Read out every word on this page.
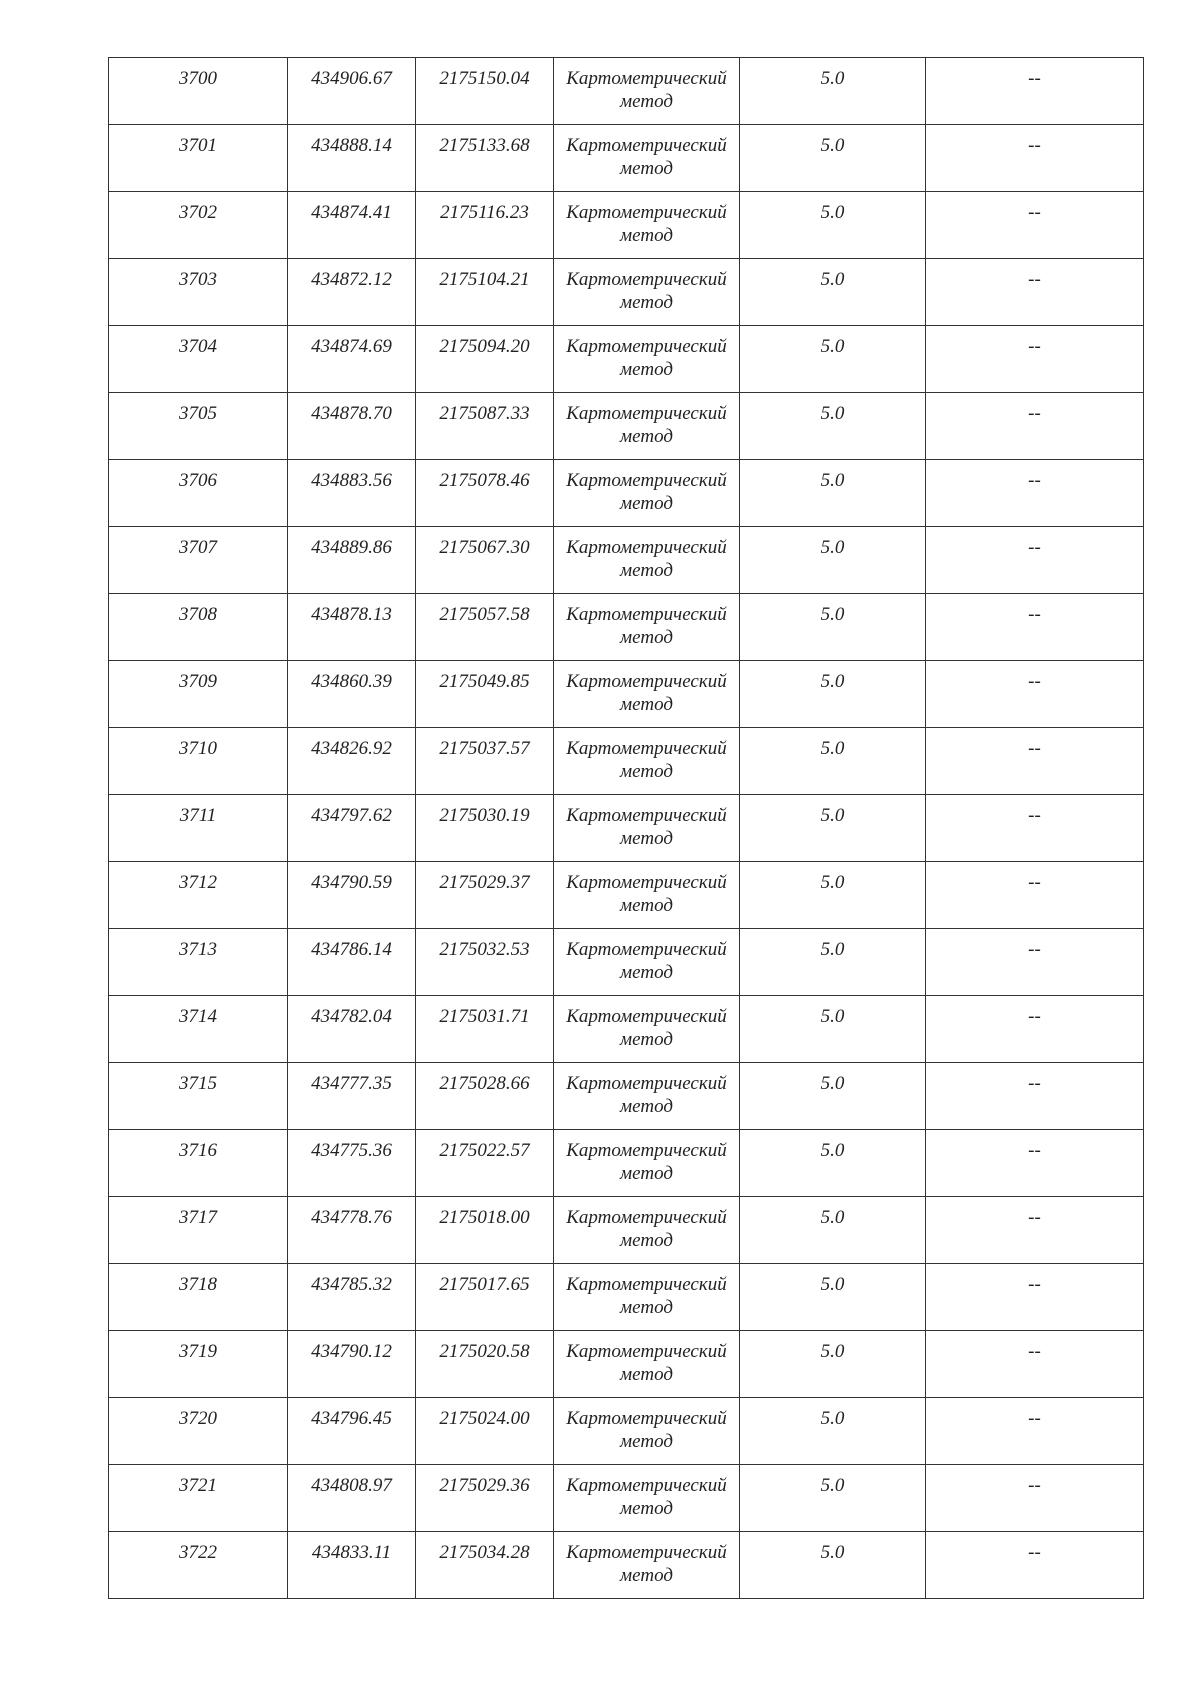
3700	434906.67	2175150.04	Картометрический метод	5.0	--

3701	434888.14	2175133.68	Картометрический метод	5.0	--

3702	434874.41	2175116.23	Картометрический метод	5.0	--

3703	434872.12	2175104.21	Картометрический метод	5.0	--

3704	434874.69	2175094.20	Картометрический метод	5.0	--

3705	434878.70	2175087.33	Картометрический метод	5.0	--

3706	434883.56	2175078.46	Картометрический метод	5.0	--

3707	434889.86	2175067.30	Картометрический метод	5.0	--

3708	434878.13	2175057.58	Картометрический метод	5.0	--

3709	434860.39	2175049.85	Картометрический метод	5.0	--

3710	434826.92	2175037.57	Картометрический метод	5.0	--

3711	434797.62	2175030.19	Картометрический метод	5.0	--

3712	434790.59	2175029.37	Картометрический метод	5.0	--

3713	434786.14	2175032.53	Картометрический метод	5.0	--

3714	434782.04	2175031.71	Картометрический метод	5.0	--

3715	434777.35	2175028.66	Картометрический метод	5.0	--

3716	434775.36	2175022.57	Картометрический метод	5.0	--

3717	434778.76	2175018.00	Картометрический метод	5.0	--

3718	434785.32	2175017.65	Картометрический метод	5.0	--

3719	434790.12	2175020.58	Картометрический метод	5.0	--

3720	434796.45	2175024.00	Картометрический метод	5.0	--

3721	434808.97	2175029.36	Картометрический метод	5.0	--

3722	434833.11	2175034.28	Картометрический метод	5.0	--
